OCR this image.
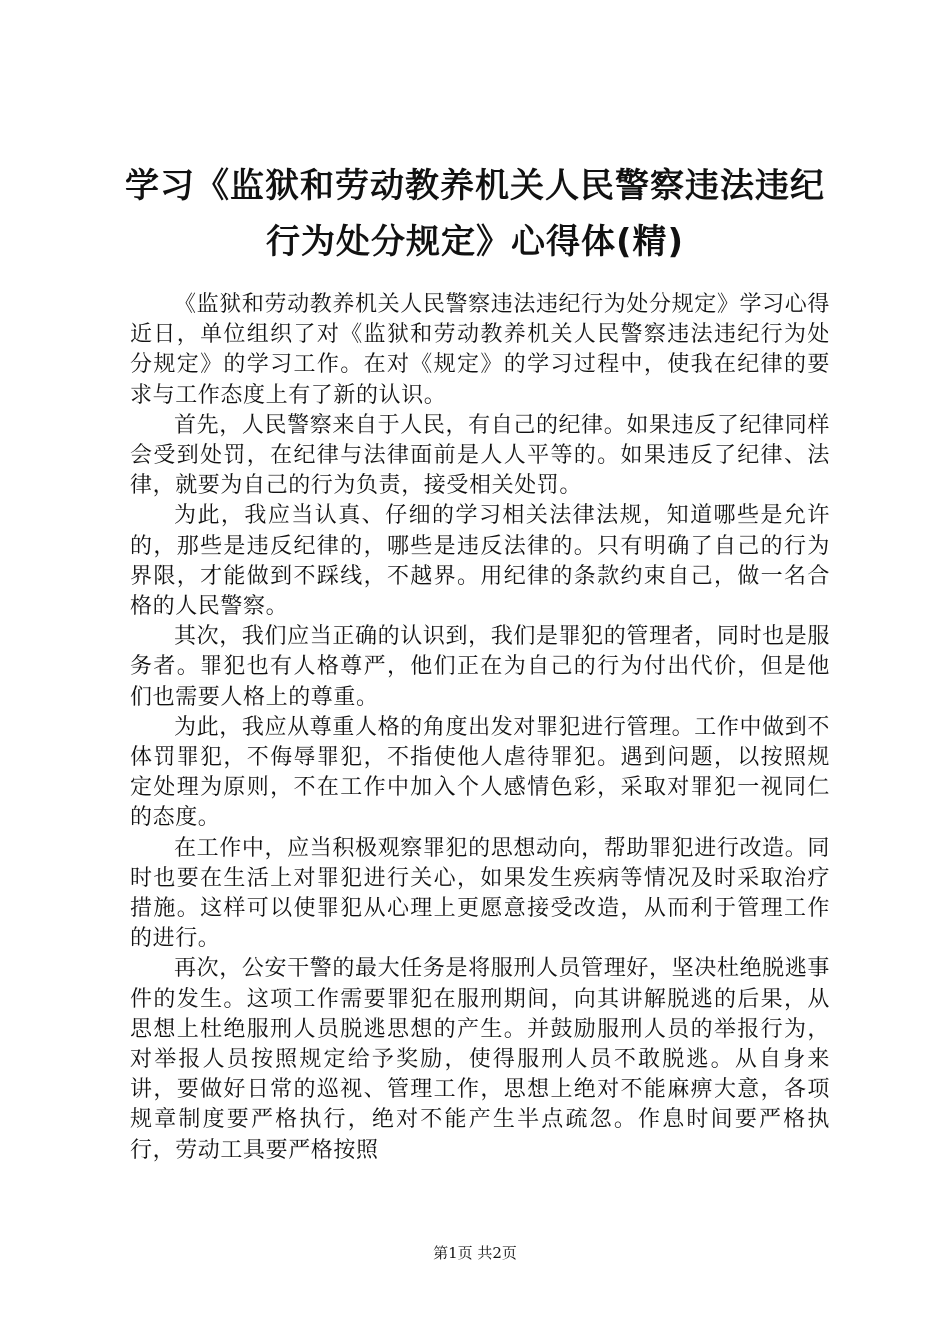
学习《监狱和劳动教养机关人民警察违法违纪
行为处分规定》心得体(精)

《监狱和劳动教养机关人民警察违法违纪行为处分规定》学习心得近日，单位组织了对《监狱和劳动教养机关人民警察违法违纪行为处分规定》的学习工作。在对《规定》的学习过程中，使我在纪律的要求与工作态度上有了新的认识。

首先，人民警察来自于人民，有自己的纪律。如果违反了纪律同样会受到处罚，在纪律与法律面前是人人平等的。如果违反了纪律、法律，就要为自己的行为负责，接受相关处罚。

为此，我应当认真、仔细的学习相关法律法规，知道哪些是允许的，那些是违反纪律的，哪些是违反法律的。只有明确了自己的行为界限，才能做到不踩线，不越界。用纪律的条款约束自己，做一名合格的人民警察。

其次，我们应当正确的认识到，我们是罪犯的管理者，同时也是服务者。罪犯也有人格尊严，他们正在为自己的行为付出代价，但是他们也需要人格上的尊重。

为此，我应从尊重人格的角度出发对罪犯进行管理。工作中做到不体罚罪犯，不侮辱罪犯，不指使他人虐待罪犯。遇到问题，以按照规定处理为原则，不在工作中加入个人感情色彩，采取对罪犯一视同仁的态度。

在工作中，应当积极观察罪犯的思想动向，帮助罪犯进行改造。同时也要在生活上对罪犯进行关心，如果发生疾病等情况及时采取治疗措施。这样可以使罪犯从心理上更愿意接受改造，从而利于管理工作的进行。

再次，公安干警的最大任务是将服刑人员管理好，坚决杜绝脱逃事件的发生。这项工作需要罪犯在服刑期间，向其讲解脱逃的后果，从思想上杜绝服刑人员脱逃思想的产生。并鼓励服刑人员的举报行为，对举报人员按照规定给予奖励，使得服刑人员不敢脱逃。从自身来讲，要做好日常的巡视、管理工作，思想上绝对不能麻痹大意，各项规章制度要严格执行，绝对不能产生半点疏忽。作息时间要严格执行，劳动工具要严格按照

第1页 共2页
